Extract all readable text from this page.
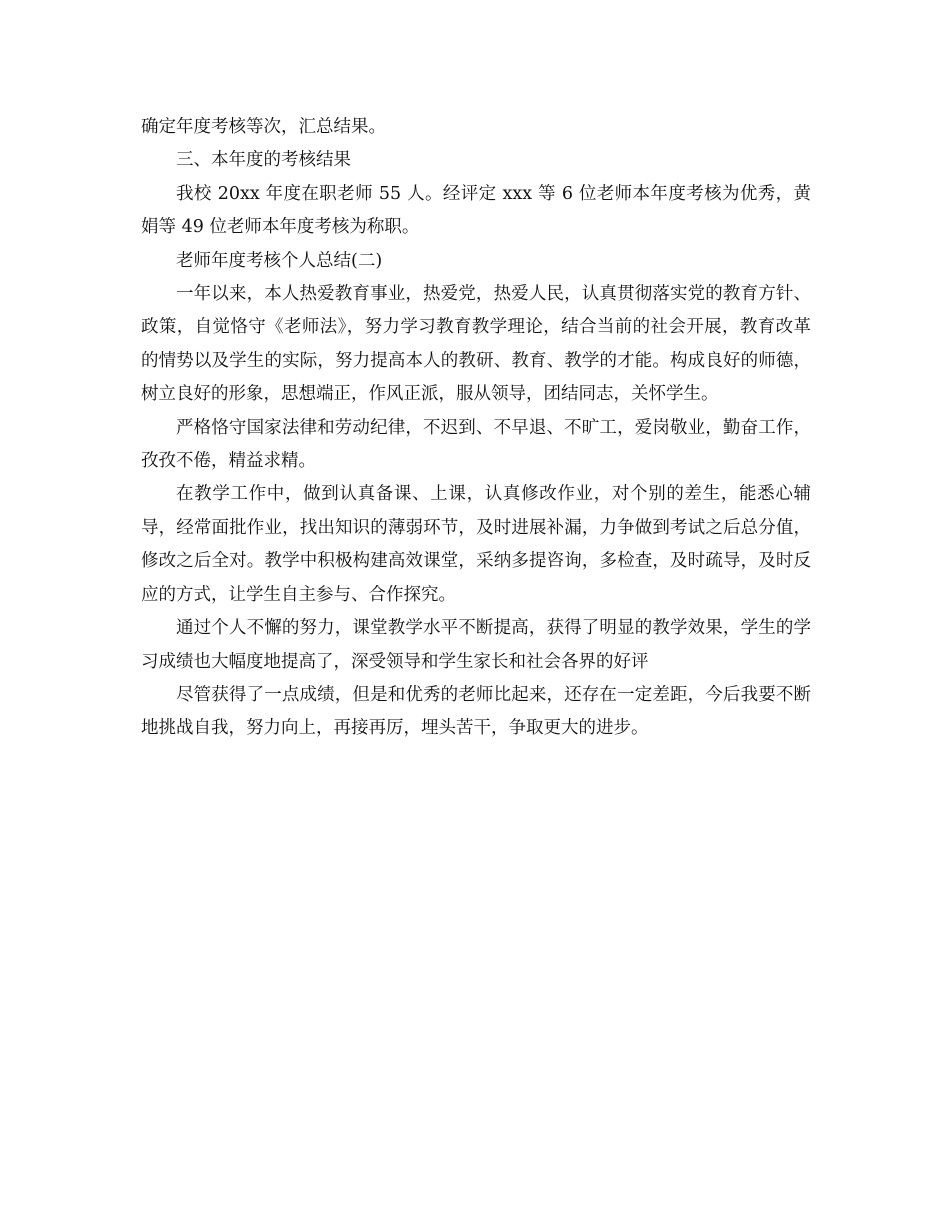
确定年度考核等次，汇总结果。

三、本年度的考核结果

我校 20xx 年度在职老师 55 人。经评定 xxx 等 6 位老师本年度考核为优秀，黄娟等 49 位老师本年度考核为称职。

老师年度考核个人总结(二)

一年以来，本人热爱教育事业，热爱党，热爱人民，认真贯彻落实党的教育方针、政策，自觉恪守《老师法》，努力学习教育教学理论，结合当前的社会开展，教育改革的情势以及学生的实际，努力提高本人的教研、教育、教学的才能。构成良好的师德，树立良好的形象，思想端正，作风正派，服从领导，团结同志，关怀学生。

严格恪守国家法律和劳动纪律，不迟到、不早退、不旷工，爱岗敬业，勤奋工作，孜孜不倦，精益求精。

在教学工作中，做到认真备课、上课，认真修改作业，对个别的差生，能悉心辅导，经常面批作业，找出知识的薄弱环节，及时进展补漏，力争做到考试之后总分值，修改之后全对。教学中积极构建高效课堂，采纳多提咨询，多检查，及时疏导，及时反应的方式，让学生自主参与、合作探究。

通过个人不懈的努力，课堂教学水平不断提高，获得了明显的教学效果，学生的学习成绩也大幅度地提高了，深受领导和学生家长和社会各界的好评

尽管获得了一点成绩，但是和优秀的老师比起来，还存在一定差距，今后我要不断地挑战自我，努力向上，再接再厉，埋头苦干，争取更大的进步。
